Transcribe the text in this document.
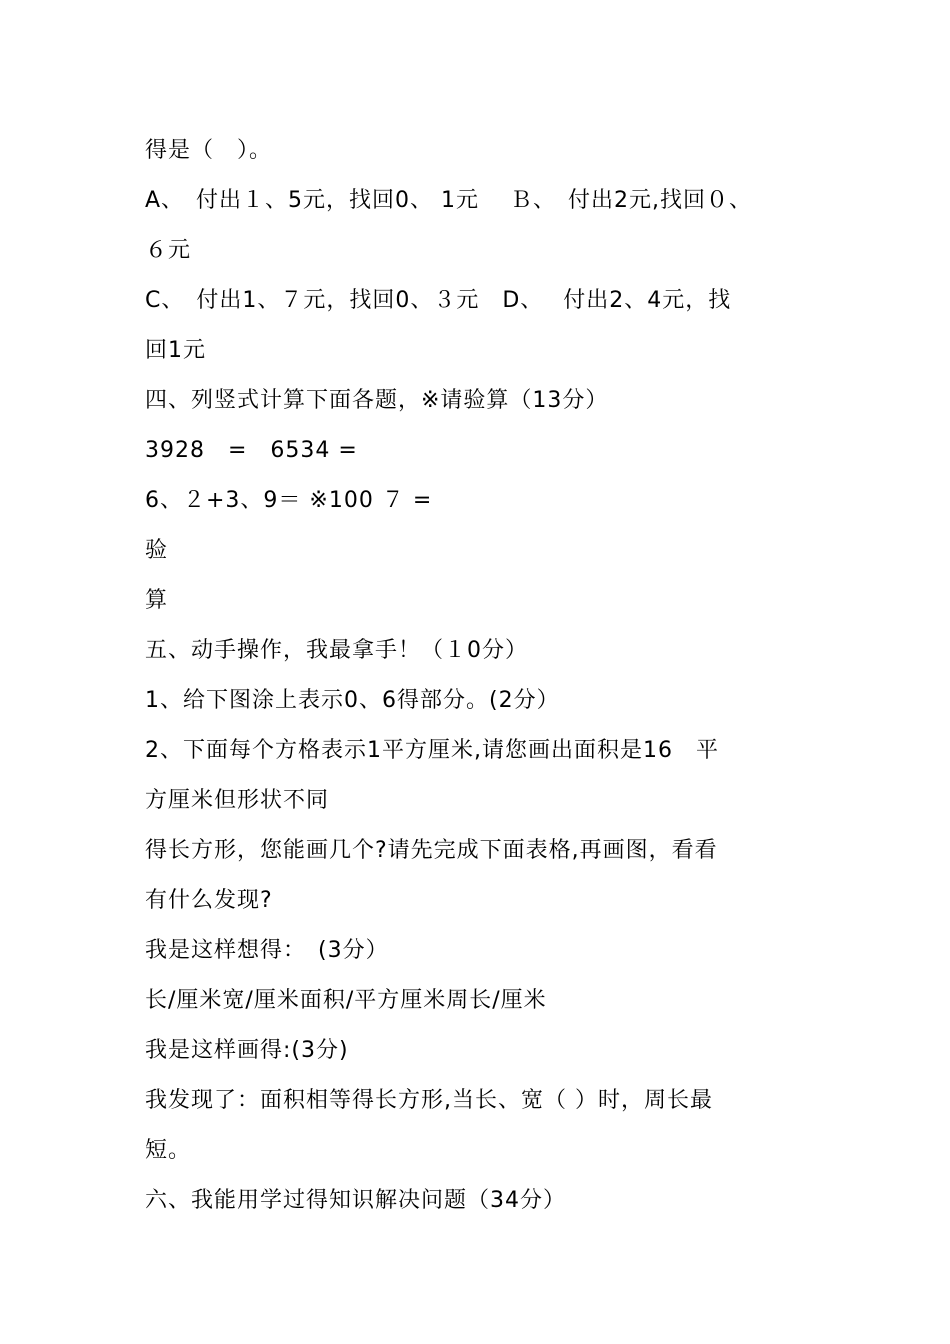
得是（　）。
A、　付出１、5元，找回0、 1元　 Ｂ、　付出2元,找回０、
６元
C、　付出1、７元，找回0、３元　D、　 付出2、4元，找
回1元
四、列竖式计算下面各题，※请验算（13分）
3928　=　6534 =
6、２+3、9＝ ※100 ７ =
验
算
五、动手操作，我最拿手！（１0分）
1、给下图涂上表示0、6得部分。(2分）
2、下面每个方格表示1平方厘米,请您画出面积是16　平
方厘米但形状不同
得长方形，您能画几个?请先完成下面表格,再画图，看看
有什么发现?
我是这样想得：　(3分）
长/厘米宽/厘米面积/平方厘米周长/厘米
我是这样画得:(3分)
我发现了：面积相等得长方形,当长、宽（ ）时，周长最
短。
六、我能用学过得知识解决问题（34分）
